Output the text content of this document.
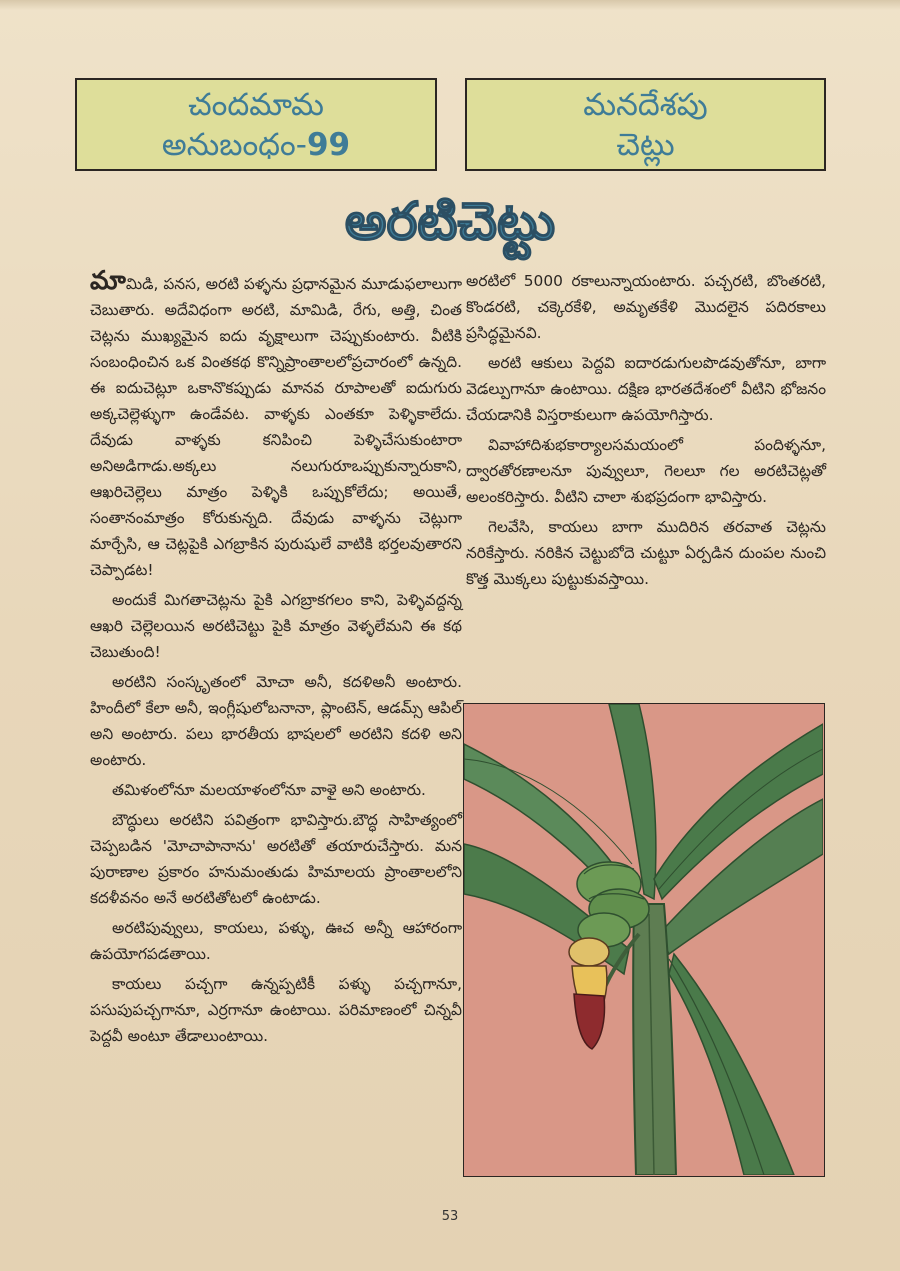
చందమామ
అనుబంధం-99
మనదేశపు
చెట్లు
అరటిచెట్టు

మామిడి, పనస, అరటి పళ్ళను ప్రధానమైన మూడుఫలాలుగా చెబుతారు. అదేవిధంగా అరటి, మామిడి, రేగు, అత్తి, చింత చెట్లను ముఖ్యమైన ఐదు వృక్షాలుగా చెప్పుకుంటారు. వీటికి సంబంధించిన ఒక వింతకథ కొన్నిప్రాంతాలలోప్రచారంలో ఉన్నది. ఈ ఐదుచెట్లూ ఒకానొకప్పుడు మానవ రూపాలతో ఐదుగురు అక్కచెల్లెళ్ళుగా ఉండేవట. వాళ్ళకు ఎంతకూ పెళ్ళికాలేదు. దేవుడు వాళ్ళకు కనిపించి పెళ్ళిచేసుకుంటారా అనిఅడిగాడు.అక్కలు నలుగురూఒప్పుకున్నారుకాని, ఆఖరిచెల్లెలు మాత్రం పెళ్ళికి ఒప్పుకోలేదు; అయితే, సంతానంమాత్రం కోరుకున్నది. దేవుడు వాళ్ళను చెట్లుగా మార్చేసి, ఆ చెట్లపైకి ఎగబ్రాకిన పురుషులే వాటికి భర్తలవుతారని చెప్పాడట!

అందుకే మిగతాచెట్లను పైకి ఎగబ్రాకగలం కాని, పెళ్ళివద్దన్న ఆఖరి చెల్లెలయిన అరటిచెట్టు పైకి మాత్రం వెళ్ళలేమని ఈ కథ చెబుతుంది!

అరటిని సంస్కృతంలో మోచా అనీ, కదళిఅనీ అంటారు. హిందీలో కేలా అనీ, ఇంగ్లీషులోబనానా, ప్లాంటెన్, ఆడమ్స్ ఆపిల్ అని అంటారు. పలు భారతీయ భాషలలో అరటిని కదళి అని అంటారు.

తమిళంలోనూ మలయాళంలోనూ వాళై అని అంటారు.

బౌద్ధులు అరటిని పవిత్రంగా భావిస్తారు.బౌద్ధ సాహిత్యంలో చెప్పబడిన 'మోచాపానాను' అరటితో తయారుచేస్తారు. మన పురాణాల ప్రకారం హనుమంతుడు హిమాలయ ప్రాంతాలలోని కదళీవనం అనే అరటితోటలో ఉంటాడు.

అరటిపువ్వులు, కాయలు, పళ్ళు, ఊచ అన్నీ ఆహారంగా ఉపయోగపడతాయి.

కాయలు పచ్చగా ఉన్నప్పటికీ పళ్ళు పచ్చగానూ, పసుపుపచ్చగానూ, ఎర్రగానూ ఉంటాయి. పరిమాణంలో చిన్నవీ పెద్దవీ అంటూ తేడాలుంటాయి.

అరటిలో 5000 రకాలున్నాయంటారు. పచ్చరటి, బొంతరటి, కొండరటి, చక్కెరకేళి, అమృతకేళి మొదలైన పదిరకాలు ప్రసిద్ధమైనవి.

అరటి ఆకులు పెద్దవి ఐదారడుగులపొడవుతోనూ, బాగా వెడల్పుగానూ ఉంటాయి. దక్షిణ భారతదేశంలో వీటిని భోజనం చేయడానికి విస్తరాకులుగా ఉపయోగిస్తారు.

వివాహాదిశుభకార్యాలసమయంలో పందిళ్ళనూ, ద్వారతోరణాలనూ పువ్వులూ, గెలలూ గల అరటిచెట్లతో అలంకరిస్తారు. వీటిని చాలా శుభప్రదంగా భావిస్తారు.

గెలవేసి, కాయలు బాగా ముదిరిన తరవాత చెట్లను నరికేస్తారు. నరికిన చెట్టుబోదె చుట్టూ ఏర్పడిన దుంపల నుంచి కొత్త మొక్కలు పుట్టుకువస్తాయి.

53
